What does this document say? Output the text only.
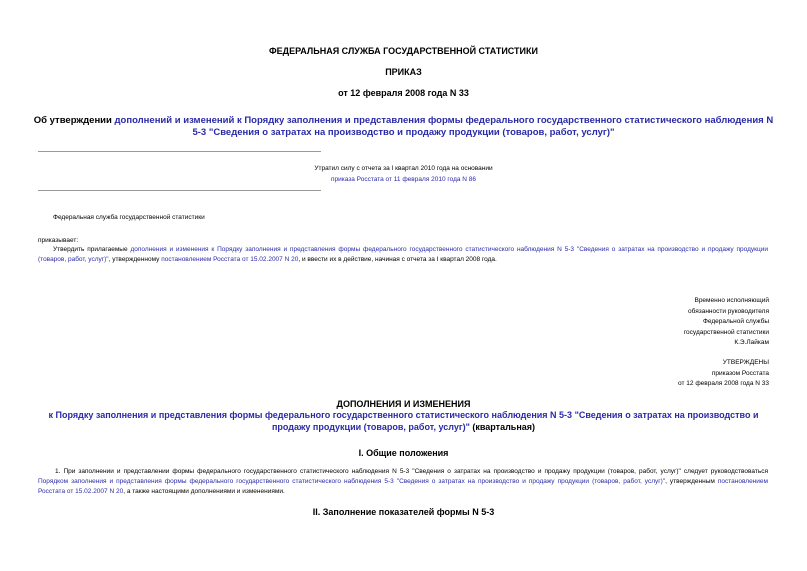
ФЕДЕРАЛЬНАЯ СЛУЖБА ГОСУДАРСТВЕННОЙ СТАТИСТИКИ
ПРИКАЗ
от 12 февраля 2008 года N 33
Об утверждении дополнений и изменений к Порядку заполнения и представления формы федерального государственного статистического наблюдения N 5-3 "Сведения о затратах на производство и продажу продукции (товаров, работ, услуг)"
Утратил силу с отчета за I квартал 2010 года на основании
приказа Росстата от 11 февраля 2010 года N 86
Федеральная служба государственной статистики
приказывает:
Утвердить прилагаемые дополнения и изменения к Порядку заполнения и представления формы федерального государственного статистического наблюдения N 5-3 "Сведения о затратах на производство и продажу продукции (товаров, работ, услуг)", утвержденному постановлением Росстата от 15.02.2007 N 20, и ввести их в действие, начиная с отчета за I квартал 2008 года.
Временно исполняющий
обязанности руководителя
Федеральной службы
государственной статистики
К.Э.Лайкам
УТВЕРЖДЕНЫ
приказом Росстата
от 12 февраля 2008 года N 33
ДОПОЛНЕНИЯ И ИЗМЕНЕНИЯ
к Порядку заполнения и представления формы федерального государственного статистического наблюдения N 5-3 "Сведения о затратах на производство и продажу продукции (товаров, работ, услуг)" (квартальная)
I. Общие положения
1. При заполнении и представлении формы федерального государственного статистического наблюдения N 5-3 "Сведения о затратах на производство и продажу продукции (товаров, работ, услуг)" следует руководствоваться Порядком заполнения и представления формы федерального государственного статистического наблюдения 5-3 "Сведения о затратах на производство и продажу продукции (товаров, работ, услуг)", утвержденным постановлением Росстата от 15.02.2007 N 20, а также настоящими дополнениями и изменениями.
II. Заполнение показателей формы N 5-3
